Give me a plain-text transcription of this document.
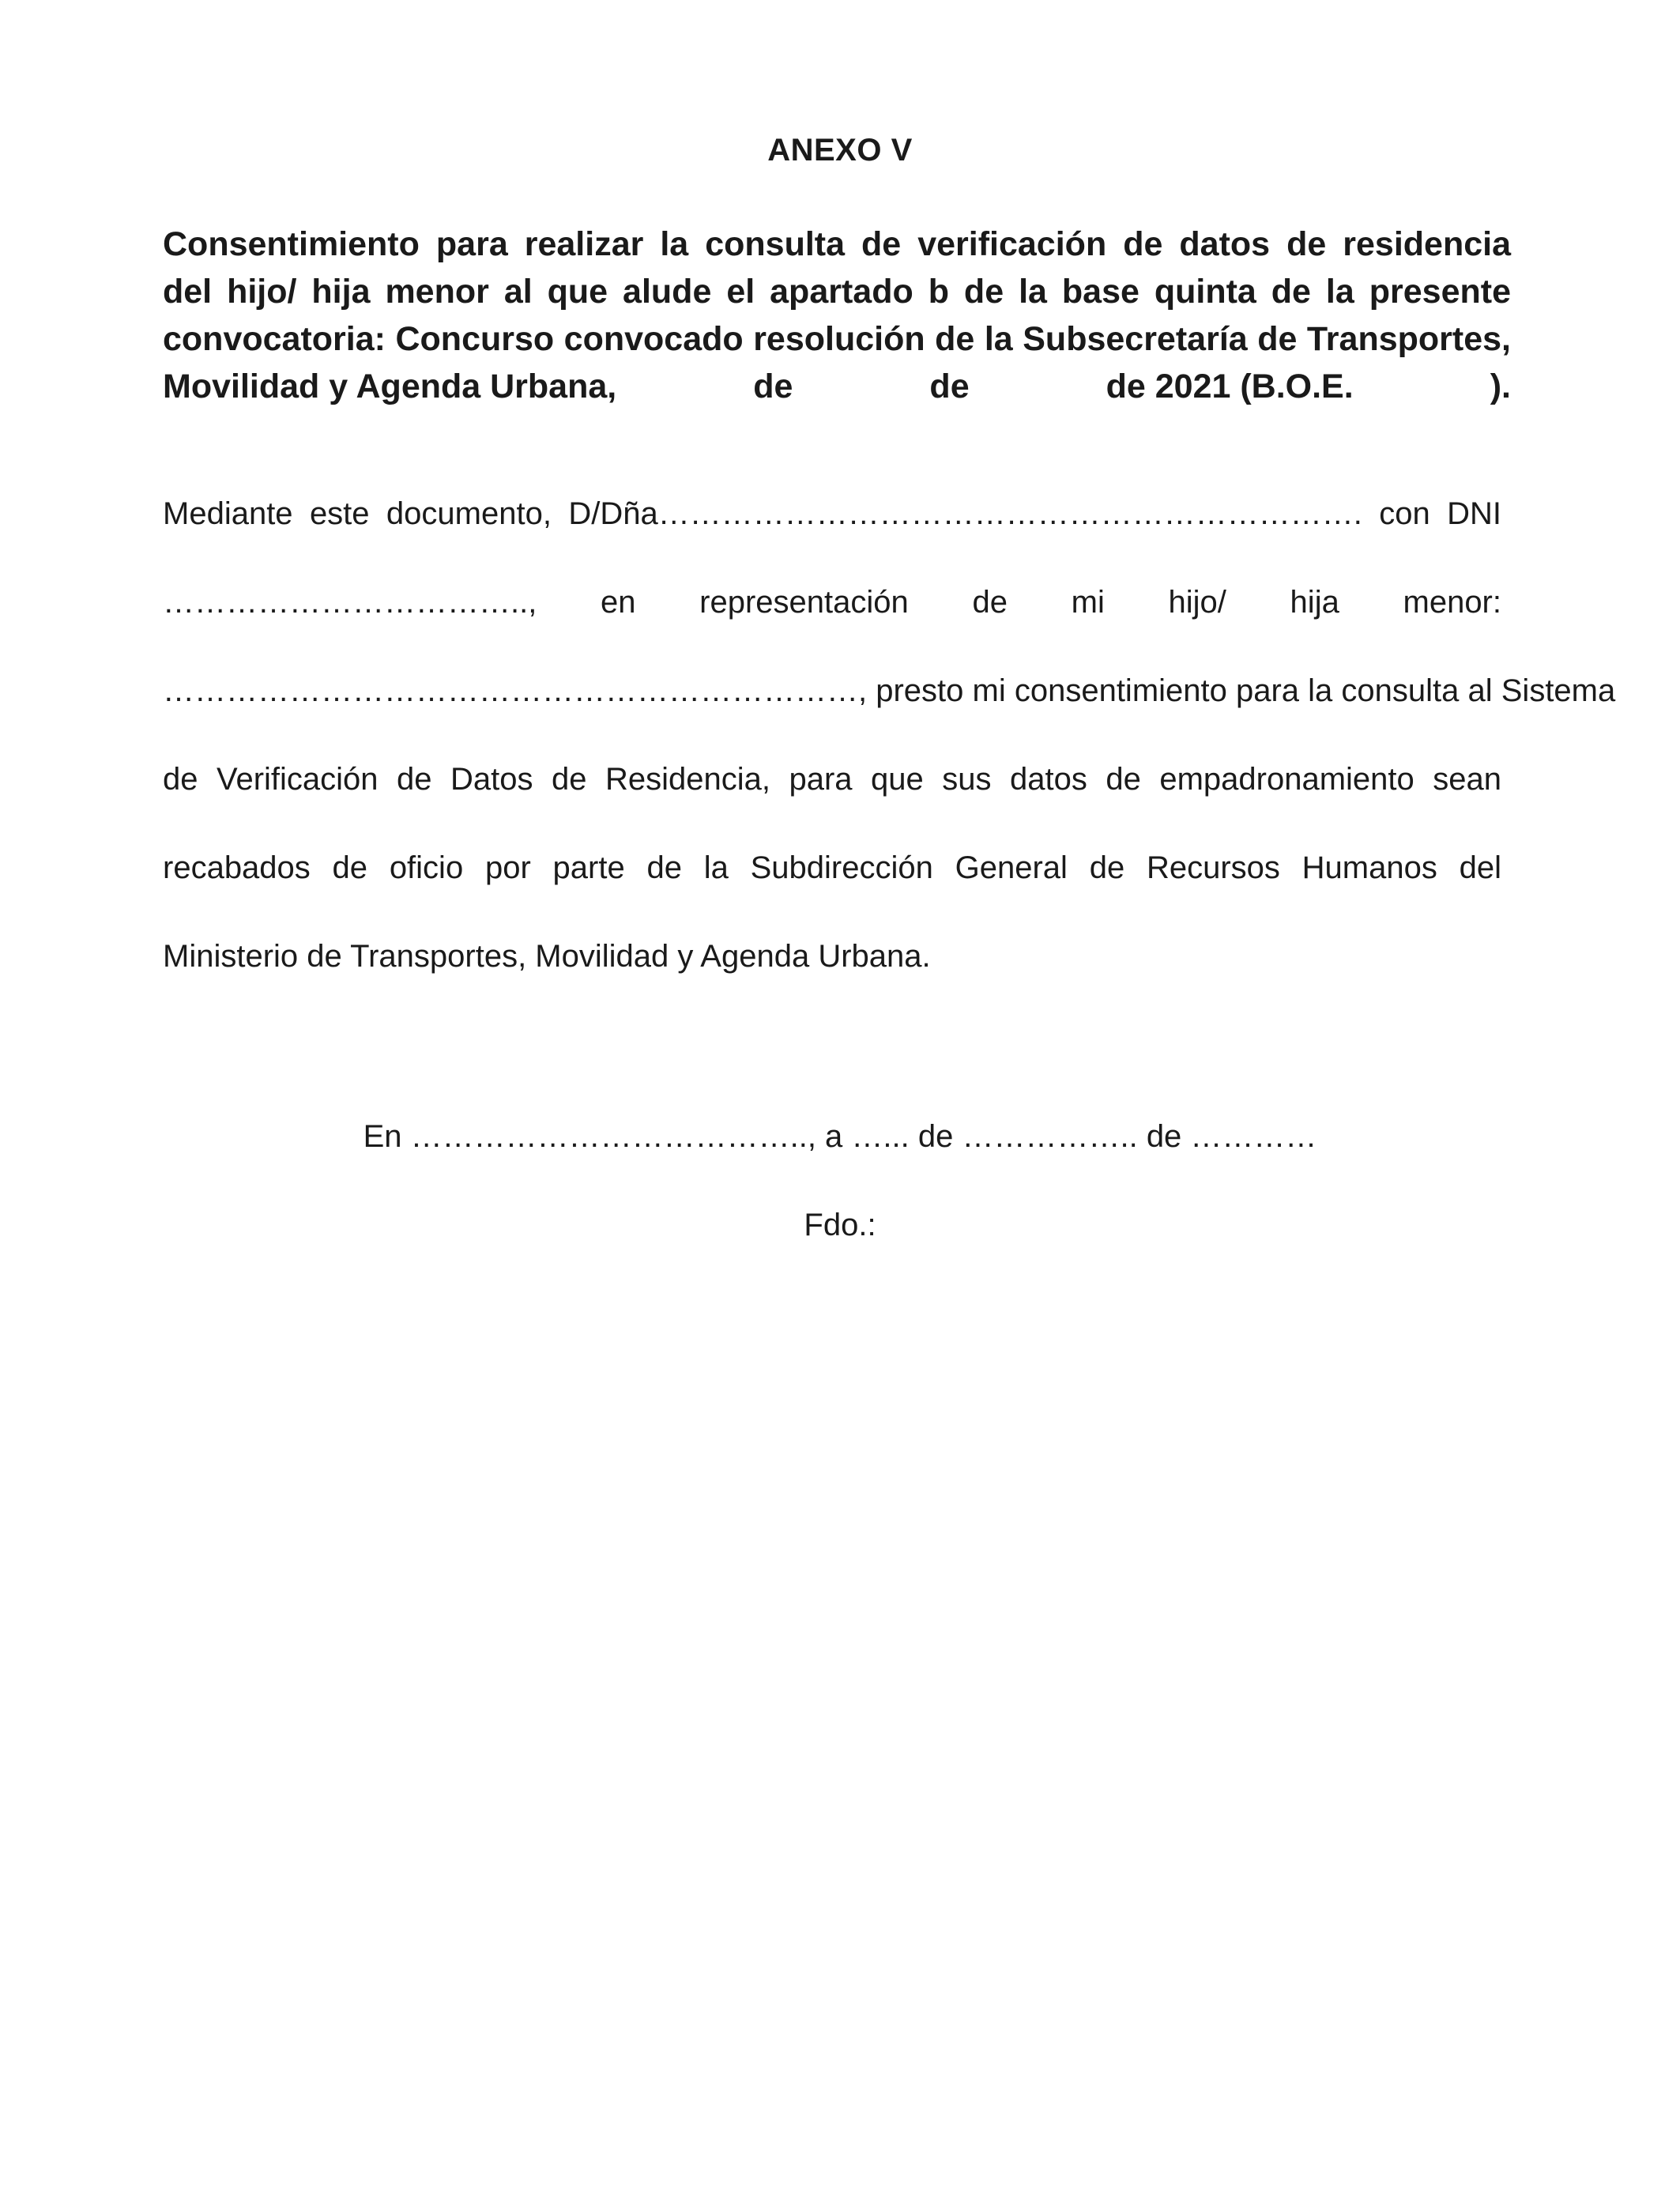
ANEXO V
Consentimiento para realizar la consulta de verificación de datos de residencia
del hijo/ hija menor al que alude el apartado b de la base quinta de la presente
convocatoria: Concurso convocado resolución de la Subsecretaría de Transportes,
Movilidad y Agenda Urbana,	de	de	de 2021 (B.O.E.	).
Mediante este documento, D/Dña…………………………………………………………. con DNI
…………………………….., en representación de mi hijo/ hija menor:
…………………………………………………………, presto mi consentimiento para la consulta al Sistema
de Verificación de Datos de Residencia, para que sus datos de empadronamiento sean
recabados de oficio por parte de la Subdirección General de Recursos Humanos del
Ministerio de Transportes, Movilidad y Agenda Urbana.
En ……………………………….., a …... de …………….. de …………
Fdo.:
